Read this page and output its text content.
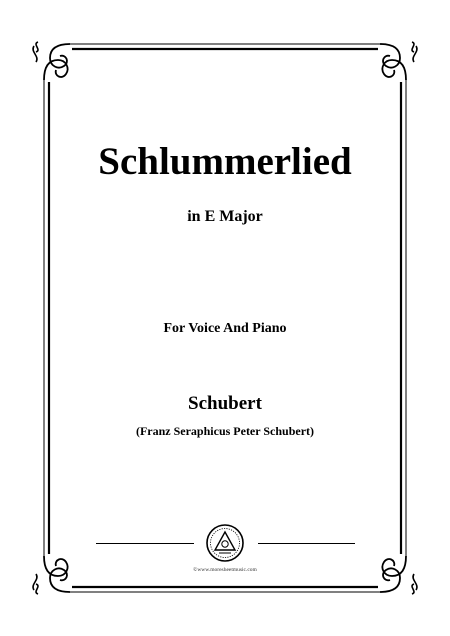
Schlummerlied
in E Major
For Voice And Piano
Schubert
(Franz Seraphicus Peter Schubert)
©www.moresheetmusic.com
